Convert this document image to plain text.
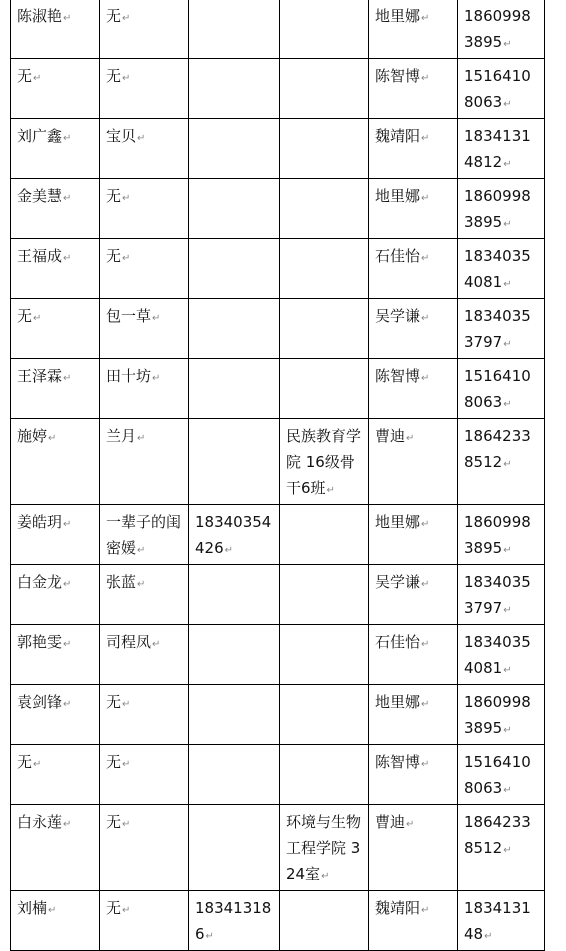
陈淑艳↵	无↵			地里娜↵	18609983895↵
无↵	无↵			陈智博↵	15164108063↵
刘广鑫↵	宝贝↵			魏靖阳↵	18341314812↵
金美慧↵	无↵			地里娜↵	18609983895↵
王福成↵	无↵			石佳怡↵	18340354081↵
无↵	包一草↵			吴学谦↵	18340353797↵
王泽霖↵	田十坊↵			陈智博↵	15164108063↵
施婷↵	兰月↵		民族教育学院 16级骨干6班↵	曹迪↵	18642338512↵
姜皓玥↵	一辈子的闺密媛↵	18340354426↵		地里娜↵	18609983895↵
白金龙↵	张蓝↵			吴学谦↵	18340353797↵
郭艳雯↵	司程凤↵			石佳怡↵	18340354081↵
袁剑锋↵	无↵			地里娜↵	18609983895↵
无↵	无↵			陈智博↵	15164108063↵
白永莲↵	无↵		环境与生物工程学院 324室↵	曹迪↵	18642338512↵
刘楠↵	无↵	183413186↵		魏靖阳↵	183413148↵
